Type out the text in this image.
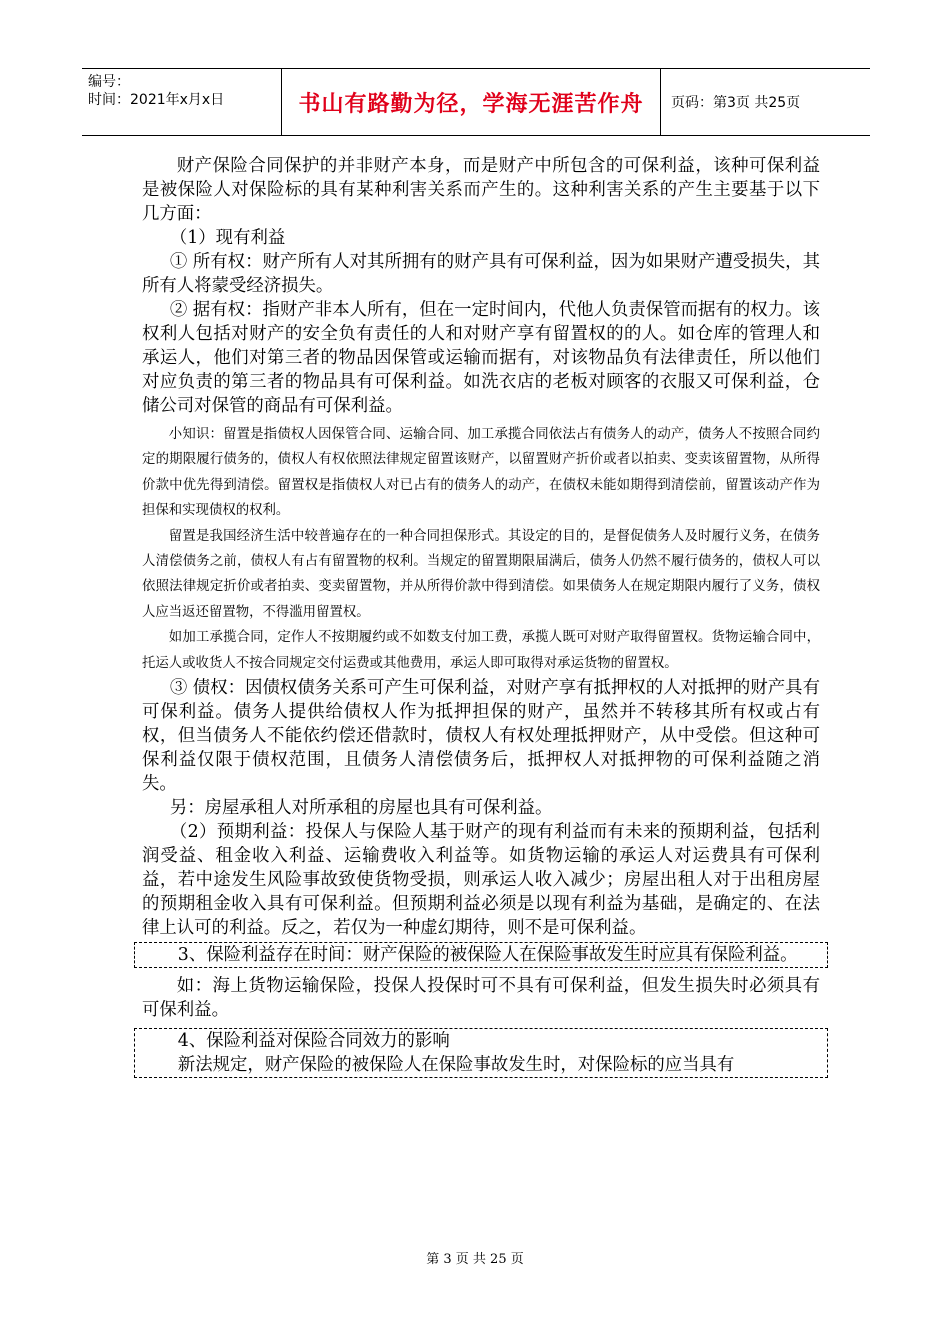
编号：
时间：2021年x月x日	书山有路勤为径，学海无涯苦作舟	页码：第3页 共25页

财产保险合同保护的并非财产本身，而是财产中所包含的可保利益，该种可保利益是被保险人对保险标的具有某种利害关系而产生的。这种利害关系的产生主要基于以下几方面：

（1）现有利益

① 所有权：财产所有人对其所拥有的财产具有可保利益，因为如果财产遭受损失，其所有人将蒙受经济损失。

② 据有权：指财产非本人所有，但在一定时间内，代他人负责保管而据有的权力。该权利人包括对财产的安全负有责任的人和对财产享有留置权的的人。如仓库的管理人和承运人，他们对第三者的物品因保管或运输而据有，对该物品负有法律责任，所以他们对应负责的第三者的物品具有可保利益。如洗衣店的老板对顾客的衣服又可保利益，仓储公司对保管的商品有可保利益。

小知识：留置是指债权人因保管合同、运输合同、加工承揽合同依法占有债务人的动产，债务人不按照合同约定的期限履行债务的，债权人有权依照法律规定留置该财产，以留置财产折价或者以拍卖、变卖该留置物，从所得价款中优先得到清偿。留置权是指债权人对已占有的债务人的动产，在债权未能如期得到清偿前，留置该动产作为担保和实现债权的权利。

留置是我国经济生活中较普遍存在的一种合同担保形式。其设定的目的，是督促债务人及时履行义务，在债务人清偿债务之前，债权人有占有留置物的权利。当规定的留置期限届满后，债务人仍然不履行债务的，债权人可以依照法律规定折价或者拍卖、变卖留置物，并从所得价款中得到清偿。如果债务人在规定期限内履行了义务，债权人应当返还留置物，不得滥用留置权。

如加工承揽合同，定作人不按期履约或不如数支付加工费，承揽人既可对财产取得留置权。货物运输合同中，托运人或收货人不按合同规定交付运费或其他费用，承运人即可取得对承运货物的留置权。

③ 债权：因债权债务关系可产生可保利益，对财产享有抵押权的人对抵押的财产具有可保利益。债务人提供给债权人作为抵押担保的财产，虽然并不转移其所有权或占有权，但当债务人不能依约偿还借款时，债权人有权处理抵押财产，从中受偿。但这种可保利益仅限于债权范围，且债务人清偿债务后，抵押权人对抵押物的可保利益随之消失。

另：房屋承租人对所承租的房屋也具有可保利益。

（2）预期利益：投保人与保险人基于财产的现有利益而有未来的预期利益，包括利润受益、租金收入利益、运输费收入利益等。如货物运输的承运人对运费具有可保利益，若中途发生风险事故致使货物受损，则承运人收入减少；房屋出租人对于出租房屋的预期租金收入具有可保利益。但预期利益必须是以现有利益为基础，是确定的、在法律上认可的利益。反之，若仅为一种虚幻期待，则不是可保利益。

3、保险利益存在时间：财产保险的被保险人在保险事故发生时应具有保险利益。

如：海上货物运输保险，投保人投保时可不具有可保利益，但发生损失时必须具有可保利益。

4、保险利益对保险合同效力的影响

新法规定，财产保险的被保险人在保险事故发生时，对保险标的应当具有

第 3 页 共 25 页
